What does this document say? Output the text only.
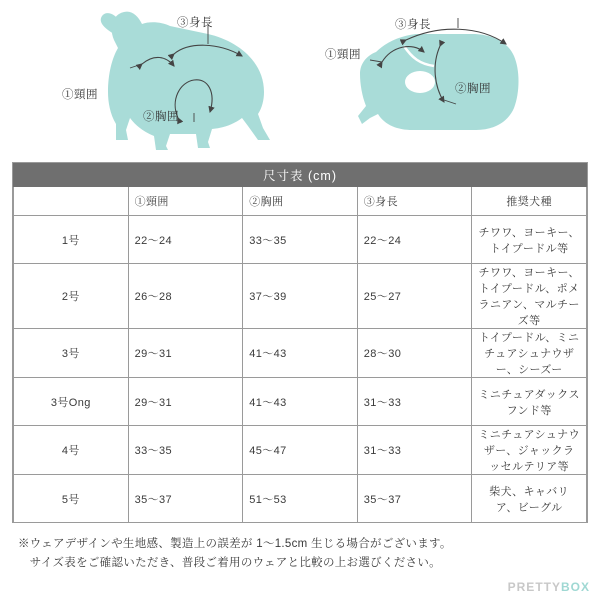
①頸囲
②胸囲
③身長
①頸囲
②胸囲
③身長
尺寸表 (cm)				
	①頸囲	②胸囲	③身長	推奨犬種
1号	22〜24	33〜35	22〜24	チワワ、ヨーキー、トイプードル等
2号	26〜28	37〜39	25〜27	チワワ、ヨーキー、トイプードル、ポメラニアン、マルチーズ等
3号	29〜31	41〜43	28〜30	トイプードル、ミニチュアシュナウザー、シーズー
3号Ong	29〜31	41〜43	31〜33	ミニチュアダックスフンド等
4号	33〜35	45〜47	31〜33	ミニチュアシュナウザー、ジャックラッセルテリア等
5号	35〜37	51〜53	35〜37	柴犬、キャバリア、ビーグル
※ウェアデザインや生地感、製造上の誤差が 1〜1.5cm 生じる場合がございます。
　サイズ表をご確認いただき、普段ご着用のウェアと比較の上お選びください。
PRETTYBOX
